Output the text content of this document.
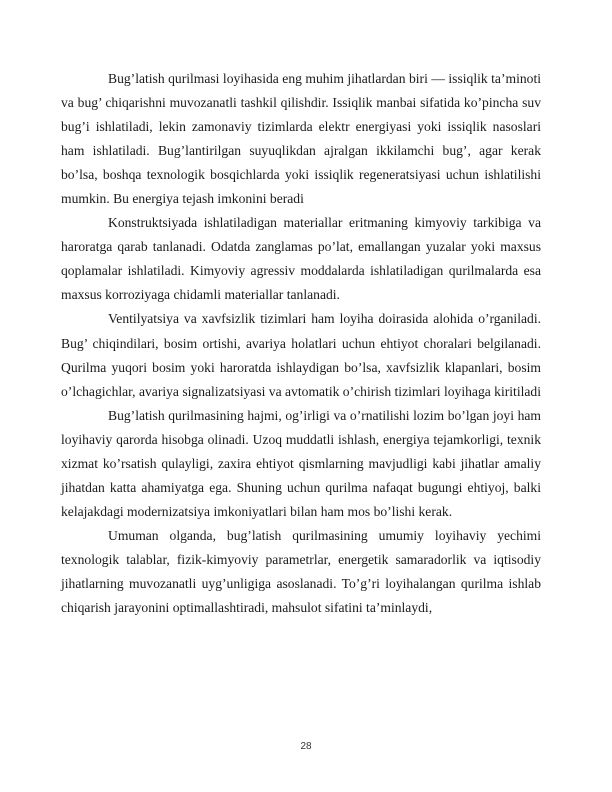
Bug’latish qurilmasi loyihasida eng muhim jihatlardan biri — issiqlik ta’minoti va bug’ chiqarishni muvozanatli tashkil qilishdir. Issiqlik manbai sifatida ko’pincha suv bug’i ishlatiladi, lekin zamonaviy tizimlarda elektr energiyasi yoki issiqlik nasoslari ham ishlatiladi. Bug’lantirilgan suyuqlikdan ajralgan ikkilamchi bug’, agar kerak bo’lsa, boshqa texnologik bosqichlarda yoki issiqlik regeneratsiyasi uchun ishlatilishi mumkin. Bu energiya tejash imkonini beradi

Konstruktsiyada ishlatiladigan materiallar eritmaning kimyoviy tarkibiga va haroratga qarab tanlanadi. Odatda zanglamas po’lat, emallangan yuzalar yoki maxsus qoplamalar ishlatiladi. Kimyoviy agressiv moddalarda ishlatiladigan qurilmalarda esa maxsus korroziyaga chidamli materiallar tanlanadi.

Ventilyatsiya va xavfsizlik tizimlari ham loyiha doirasida alohida o’rganiladi. Bug’ chiqindilari, bosim ortishi, avariya holatlari uchun ehtiyot choralari belgilanadi. Qurilma yuqori bosim yoki haroratda ishlaydigan bo’lsa, xavfsizlik klapanlari, bosim o’lchagichlar, avariya signalizatsiyasi va avtomatik o’chirish tizimlari loyihaga kiritiladi

Bug’latish qurilmasining hajmi, og’irligi va o’rnatilishi lozim bo’lgan joyi ham loyihaviy qarorda hisobga olinadi. Uzoq muddatli ishlash, energiya tejamkorligi, texnik xizmat ko’rsatish qulayligi, zaxira ehtiyot qismlarning mavjudligi kabi jihatlar amaliy jihatdan katta ahamiyatga ega. Shuning uchun qurilma nafaqat bugungi ehtiyoj, balki kelajakdagi modernizatsiya imkoniyatlari bilan ham mos bo’lishi kerak.

Umuman olganda, bug’latish qurilmasining umumiy loyihaviy yechimi texnologik talablar, fizik-kimyoviy parametrlar, energetik samaradorlik va iqtisodiy jihatlarning muvozanatli uyg’unligiga asoslanadi. To’g’ri loyihalangan qurilma ishlab chiqarish jarayonini optimallashtiradi, mahsulot sifatini ta’minlaydi,

28
